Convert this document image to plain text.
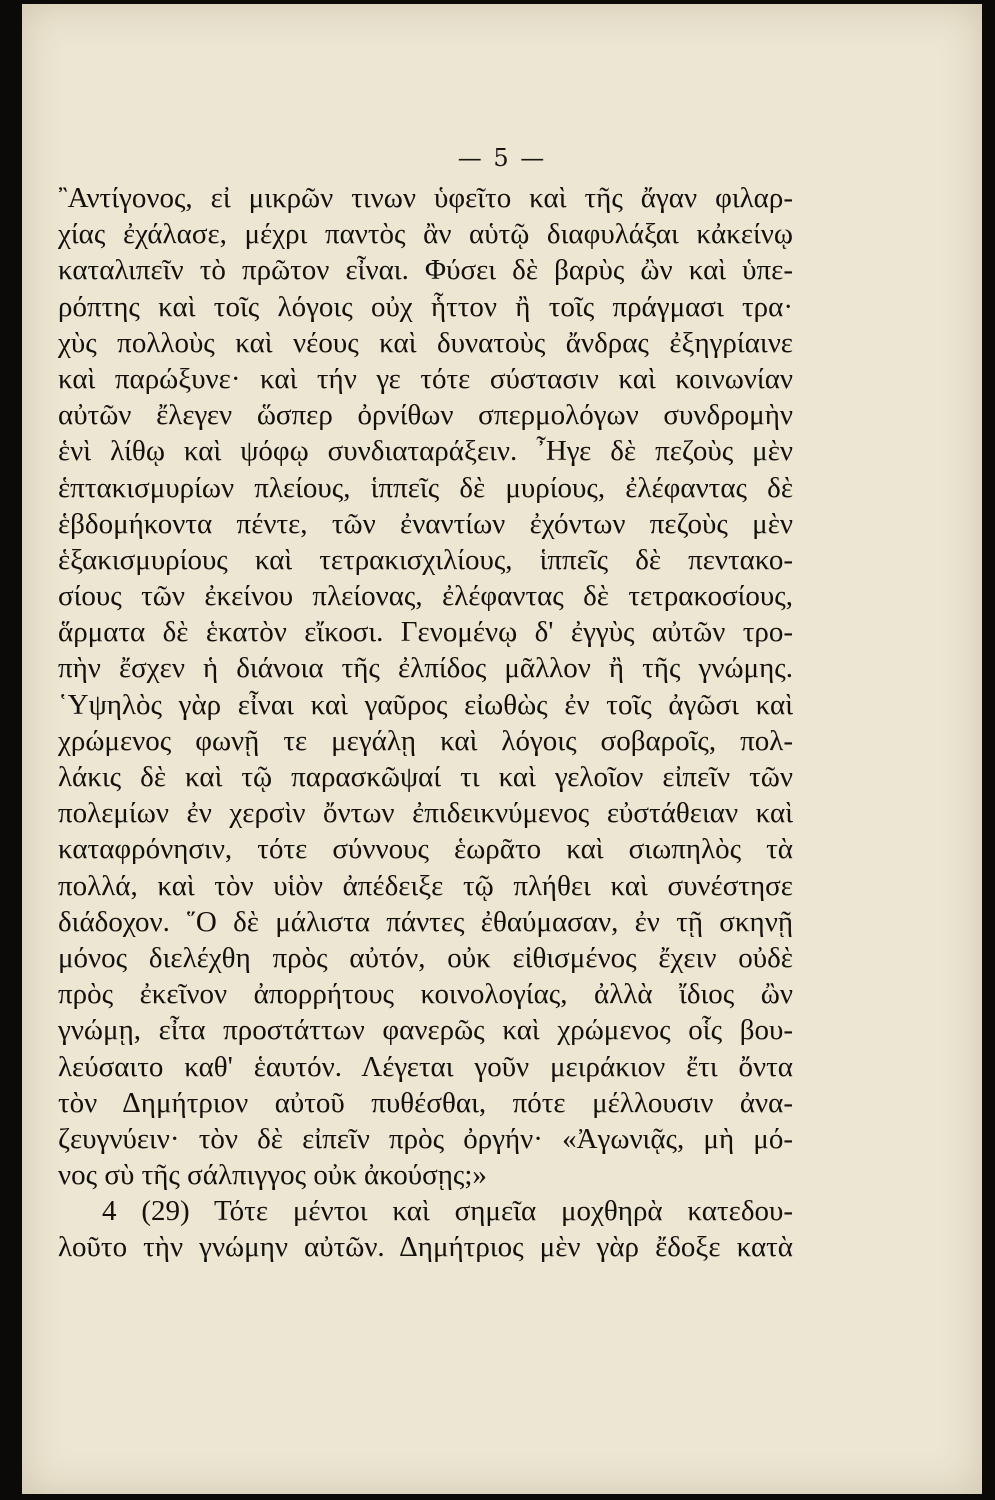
— 5 —
῍Αντίγονος, εἰ μικρῶν τινων ὑφεῖτο καὶ τῆς ἄγαν φιλαρ-
χίας ἐχάλασε, μέχρι παντὸς ἂν αὑτῷ διαφυλάξαι κἀκείνῳ
καταλιπεῖν τὸ πρῶτον εἶναι. Φύσει δὲ βαρὺς ὢν καὶ ὑπε-
ρόπτης καὶ τοῖς λόγοις οὐχ ἧττον ἢ τοῖς πράγμασι τρα·
χὺς πολλοὺς καὶ νέους καὶ δυνατοὺς ἄνδρας ἐξηγρίαινε
καὶ παρώξυνε· καὶ τήν γε τότε σύστασιν καὶ κοινωνίαν
αὐτῶν ἔλεγεν ὥσπερ ὀρνίθων σπερμολόγων συνδρομὴν
ἑνὶ λίθῳ καὶ ψόφῳ συνδιαταράξειν. ῏Ηγε δὲ πεζοὺς μὲν
ἑπτακισμυρίων πλείους, ἱππεῖς δὲ μυρίους, ἐλέφαντας δὲ
ἑβδομήκοντα πέντε, τῶν ἐναντίων ἐχόντων πεζοὺς μὲν
ἑξακισμυρίους καὶ τετρακισχιλίους, ἱππεῖς δὲ πεντακο-
σίους τῶν ἐκείνου πλείονας, ἐλέφαντας δὲ τετρακοσίους,
ἅρματα δὲ ἑκατὸν εἴκοσι. Γενομένῳ δ' ἐγγὺς αὐτῶν τρο-
πὴν ἔσχεν ἡ διάνοια τῆς ἐλπίδος μᾶλλον ἢ τῆς γνώμης.
῾Υψηλὸς γὰρ εἶναι καὶ γαῦρος εἰωθὼς ἐν τοῖς ἀγῶσι καὶ
χρώμενος φωνῇ τε μεγάλῃ καὶ λόγοις σοβαροῖς, πολ-
λάκις δὲ καὶ τῷ παρασκῶψαί τι καὶ γελοῖον εἰπεῖν τῶν
πολεμίων ἐν χερσὶν ὄντων ἐπιδεικνύμενος εὐστάθειαν καὶ
καταφρόνησιν, τότε σύννους ἑωρᾶτο καὶ σιωπηλὸς τὰ
πολλά, καὶ τὸν υἱὸν ἀπέδειξε τῷ πλήθει καὶ συνέστησε
διάδοχον. ῞Ο δὲ μάλιστα πάντες ἐθαύμασαν, ἐν τῇ σκηνῇ
μόνος διελέχθη πρὸς αὐτόν, οὐκ εἰθισμένος ἔχειν οὐδὲ
πρὸς ἐκεῖνον ἀπορρήτους κοινολογίας, ἀλλὰ ἴδιος ὢν
γνώμῃ, εἶτα προστάττων φανερῶς καὶ χρώμενος οἷς βου-
λεύσαιτο καθ' ἑαυτόν. Λέγεται γοῦν μειράκιον ἔτι ὄντα
τὸν Δημήτριον αὐτοῦ πυθέσθαι, πότε μέλλουσιν ἀνα-
ζευγνύειν· τὸν δὲ εἰπεῖν πρὸς ὀργήν· «Ἀγωνιᾷς, μὴ μό-
νος σὺ τῆς σάλπιγγος οὐκ ἀκούσῃς;»
4 (29) Τότε μέντοι καὶ σημεῖα μοχθηρὰ κατεδου-
λοῦτο τὴν γνώμην αὐτῶν. Δημήτριος μὲν γὰρ ἔδοξε κατὰ
